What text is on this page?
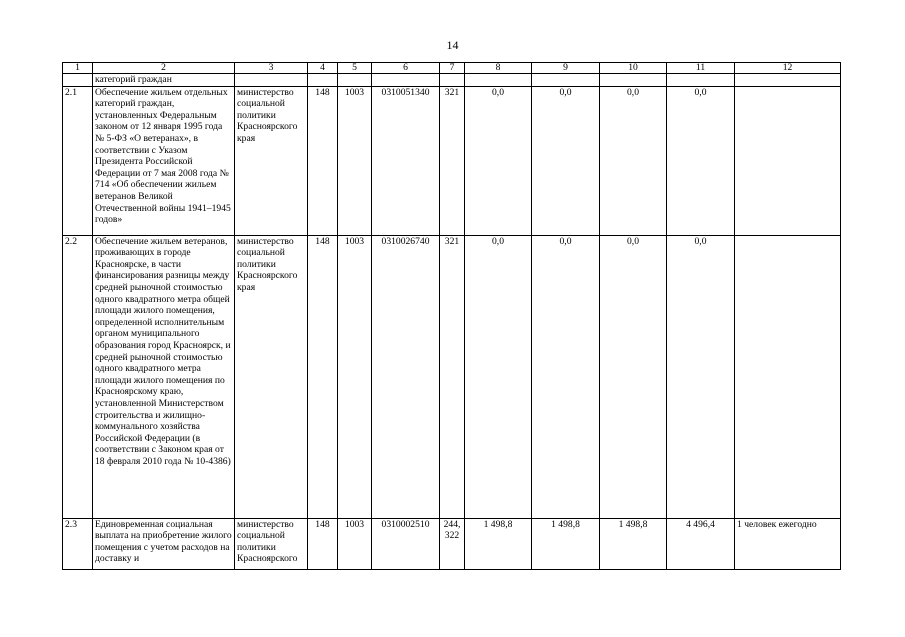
14
1	2	3	4	5	6	7	8	9	10	11	12
	категорий граждан										
2.1	Обеспечение жильем отдельных категорий граждан, установленных Федеральным законом от 12 января 1995 года № 5-ФЗ «О ветеранах», в соответствии с Указом Президента Российской Федерации от 7 мая 2008 года № 714 «Об обеспечении жильем ветеранов Великой Отечественной войны 1941–1945 годов»	министерство социальной политики Красноярского края	148	1003	0310051340	321	0,0	0,0	0,0	0,0	
2.2	Обеспечение жильем ветеранов, проживающих в городе Красноярске, в части финансирования разницы между средней рыночной стоимостью одного квадратного метра общей площади жилого помещения, определенной исполнительным органом муниципального образования город Красноярск, и средней рыночной стоимостью одного квадратного метра площади жилого помещения по Красноярскому краю, установленной Министерством строительства и жилищно-коммунального хозяйства Российской Федерации (в соответствии с Законом края от 18 февраля 2010 года № 10-4386)	министерство социальной политики Красноярского края	148	1003	0310026740	321	0,0	0,0	0,0	0,0	
2.3	Единовременная социальная выплата на приобретение жилого помещения с учетом расходов на доставку и	министерство социальной политики Красноярского	148	1003	0310002510	244, 322	1 498,8	1 498,8	1 498,8	4 496,4	1 человек ежегодно
